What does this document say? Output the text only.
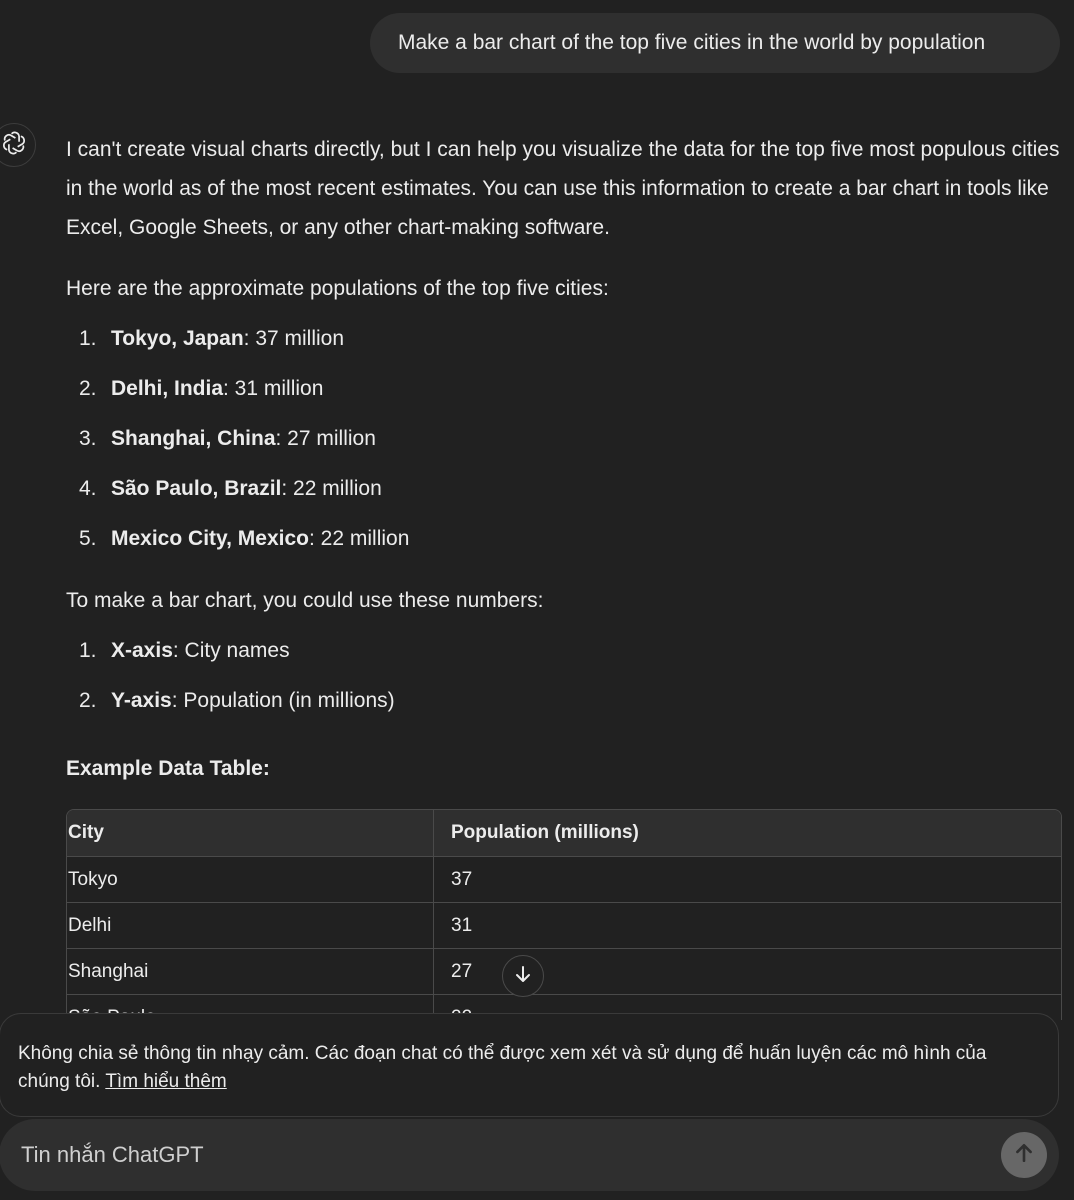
Make a bar chart of the top five cities in the world by population

I can't create visual charts directly, but I can help you visualize the data for the top five most populous cities in the world as of the most recent estimates. You can use this information to create a bar chart in tools like Excel, Google Sheets, or any other chart-making software.

Here are the approximate populations of the top five cities:

1. Tokyo, Japan: 37 million
2. Delhi, India: 31 million
3. Shanghai, China: 27 million
4. São Paulo, Brazil: 22 million
5. Mexico City, Mexico: 22 million

To make a bar chart, you could use these numbers:

1. X-axis: City names
2. Y-axis: Population (in millions)

Example Data Table:

City	Population (millions)
Tokyo	37
Delhi	31
Shanghai	27

Không chia sẻ thông tin nhạy cảm. Các đoạn chat có thể được xem xét và sử dụng để huấn luyện các mô hình của chúng tôi. Tìm hiểu thêm
Tin nhắn ChatGPT
